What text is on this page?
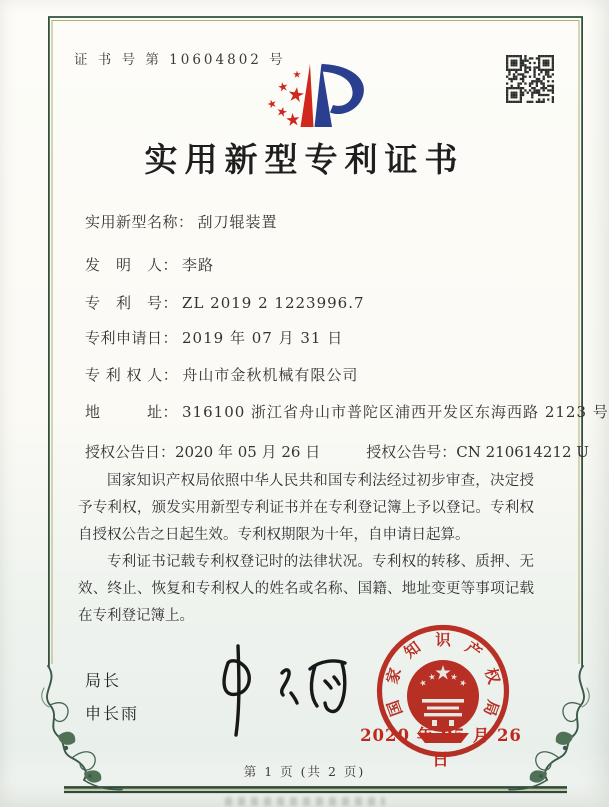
证 书 号 第 10604802 号
实用新型专利证书
实用新型名称： 刮刀辊装置
发　明　人： 李路
专　利　号： ZL 2019 2 1223996.7
专利申请日： 2019 年 07 月 31 日
专 利 权 人： 舟山市金秋机械有限公司
地　　　址： 316100 浙江省舟山市普陀区浦西开发区东海西路 2123 号
授权公告日：2020 年 05 月 26 日	授权公告号：CN 210614212 U

国家知识产权局依照中华人民共和国专利法经过初步审查，决定授予专利权，颁发实用新型专利证书并在专利登记簿上予以登记。专利权自授权公告之日起生效。专利权期限为十年，自申请日起算。

专利证书记载专利权登记时的法律状况。专利权的转移、质押、无效、终止、恢复和专利权人的姓名或名称、国籍、地址变更等事项记载在专利登记簿上。

局长
申长雨	国
家
知 识 产
权
局
2020 年 05 月 26 日
第 1 页 (共 2 页)
